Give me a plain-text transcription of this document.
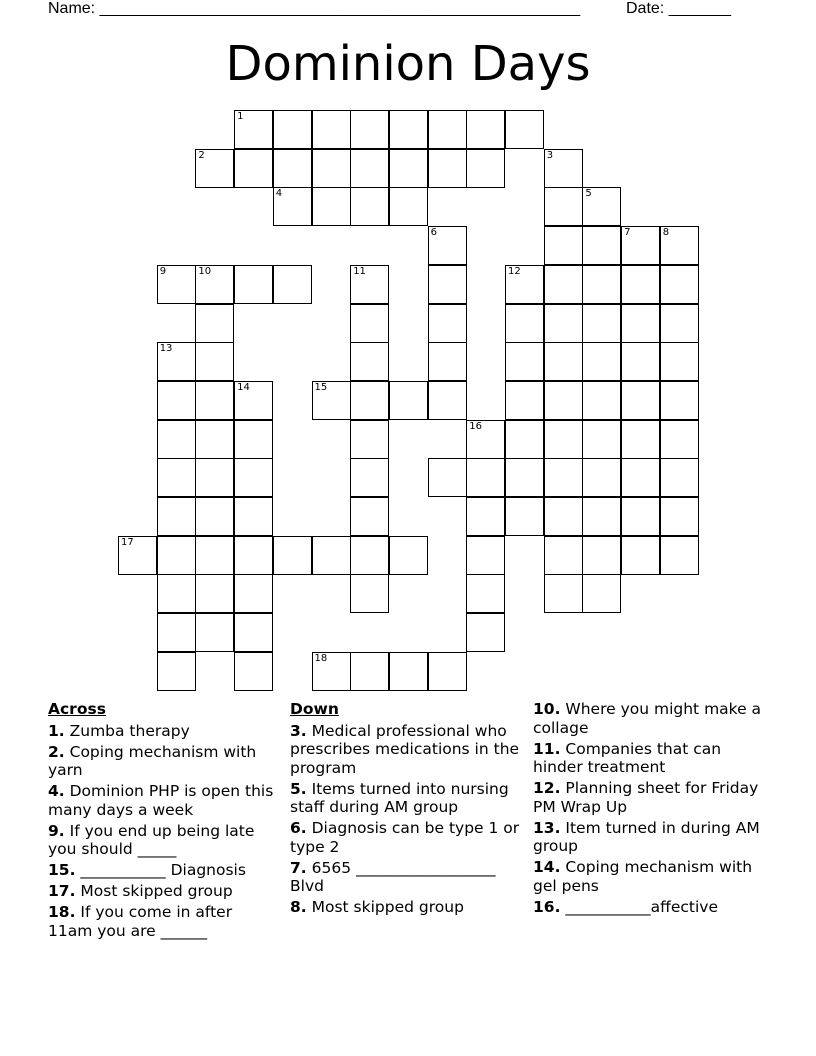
Name: ______________________________________________________	Date: _______
Dominion Days
1
2	3
4	5
6	7	8
9	10	11	12
13
14	15
16
17
18
Across
1. Zumba therapy
2. Coping mechanism with yarn
4. Dominion PHP is open this many days a week
9. If you end up being late you should _____
15. ___________ Diagnosis
17. Most skipped group
18. If you come in after 11am you are ______
Down
3. Medical professional who prescribes medications in the program
5. Items turned into nursing staff during AM group
6. Diagnosis can be type 1 or type 2
7. 6565 __________________ Blvd
8. Most skipped group
10. Where you might make a collage
11. Companies that can hinder treatment
12. Planning sheet for Friday PM Wrap Up
13. Item turned in during AM group
14. Coping mechanism with gel pens
16. ___________affective
